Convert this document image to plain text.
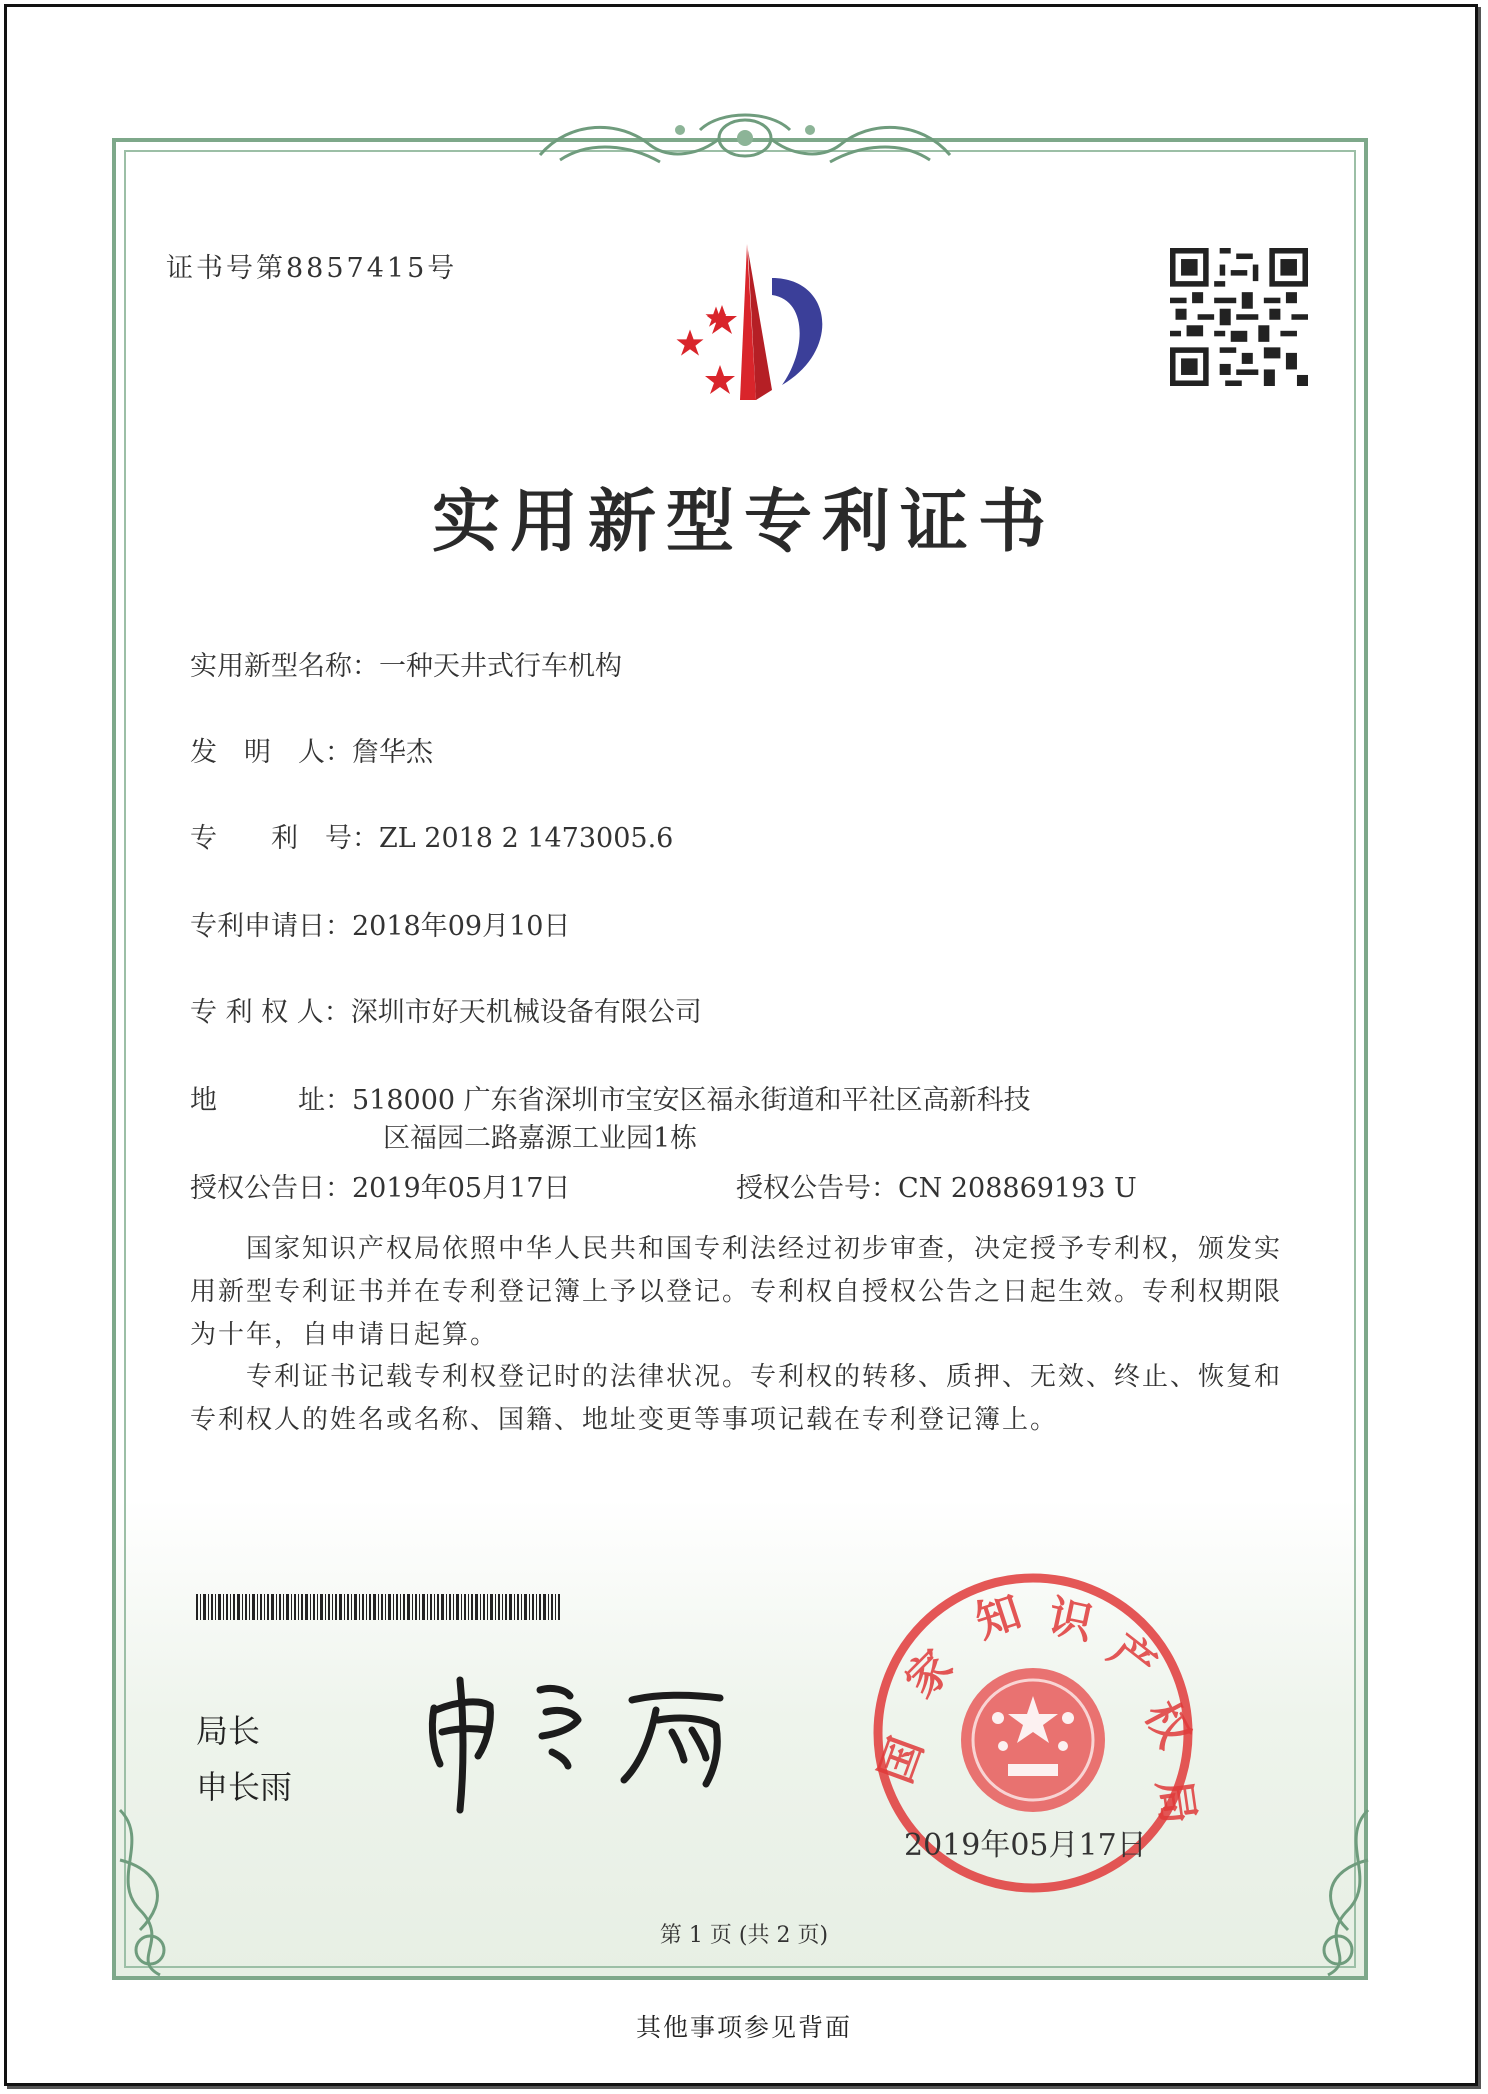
证书号第8857415号
实用新型专利证书
实用新型名称：一种天井式行车机构
发　明　人：詹华杰
专　　利　号：ZL 2018 2 1473005.6
专利申请日：2018年09月10日
专 利 权 人：深圳市好天机械设备有限公司
地　　　址：518000 广东省深圳市宝安区福永街道和平社区高新科技
区福园二路嘉源工业园1栋
授权公告日：2019年05月17日	授权公告号：CN 208869193 U
国家知识产权局依照中华人民共和国专利法经过初步审查，决定授予专利权，颁发实用新型专利证书并在专利登记簿上予以登记。专利权自授权公告之日起生效。专利权期限为十年，自申请日起算。
专利证书记载专利权登记时的法律状况。专利权的转移、质押、无效、终止、恢复和专利权人的姓名或名称、国籍、地址变更等事项记载在专利登记簿上。
局长
申长雨	国
家
知 识
产
权
局
2019年05月17日
第 1 页 (共 2 页)
其他事项参见背面
